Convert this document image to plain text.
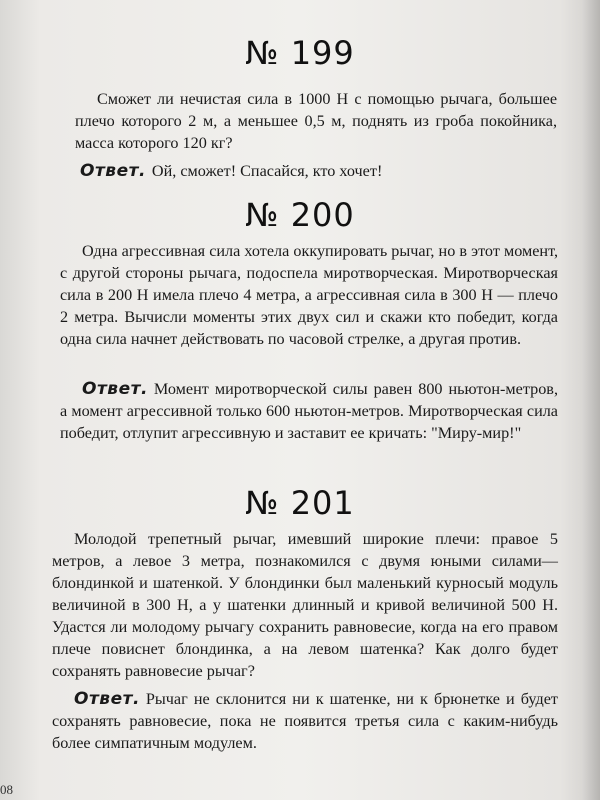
№ 199

Сможет ли нечистая сила в 1000 Н с помощью рычага, большее плечо которого 2 м, а меньшее 0,5 м, поднять из гроба покойника, масса которого 120 кг?

Ответ. Ой, сможет! Спасайся, кто хочет!

№ 200

Одна агрессивная сила хотела оккупировать рычаг, но в этот момент, с другой стороны рычага, подоспела миротворческая. Миротворческая сила в 200 Н имела плечо 4 метра, а агрессивная сила в 300 Н — плечо 2 метра. Вычисли моменты этих двух сил и скажи кто победит, когда одна сила начнет действовать по часовой стрелке, а другая против.

Ответ. Момент миротворческой силы равен 800 ньютон-метров, а момент агрессивной только 600 ньютон-метров. Миротворческая сила победит, отлупит агрессивную и заставит ее кричать: "Миру-мир!"

№ 201

Молодой трепетный рычаг, имевший широкие плечи: правое 5 метров, а левое 3 метра, познакомился с двумя юными силами— блондинкой и шатенкой. У блондинки был маленький курносый модуль величиной в 300 Н, а у шатенки длинный и кривой величиной 500 Н. Удастся ли молодому рычагу сохранить равновесие, когда на его правом плече повиснет блондинка, а на левом шатенка? Как долго будет сохранять равновесие рычаг?

Ответ. Рычаг не склонится ни к шатенке, ни к брюнетке и будет сохранять равновесие, пока не появится третья сила с каким-нибудь более симпатичным модулем.

08
